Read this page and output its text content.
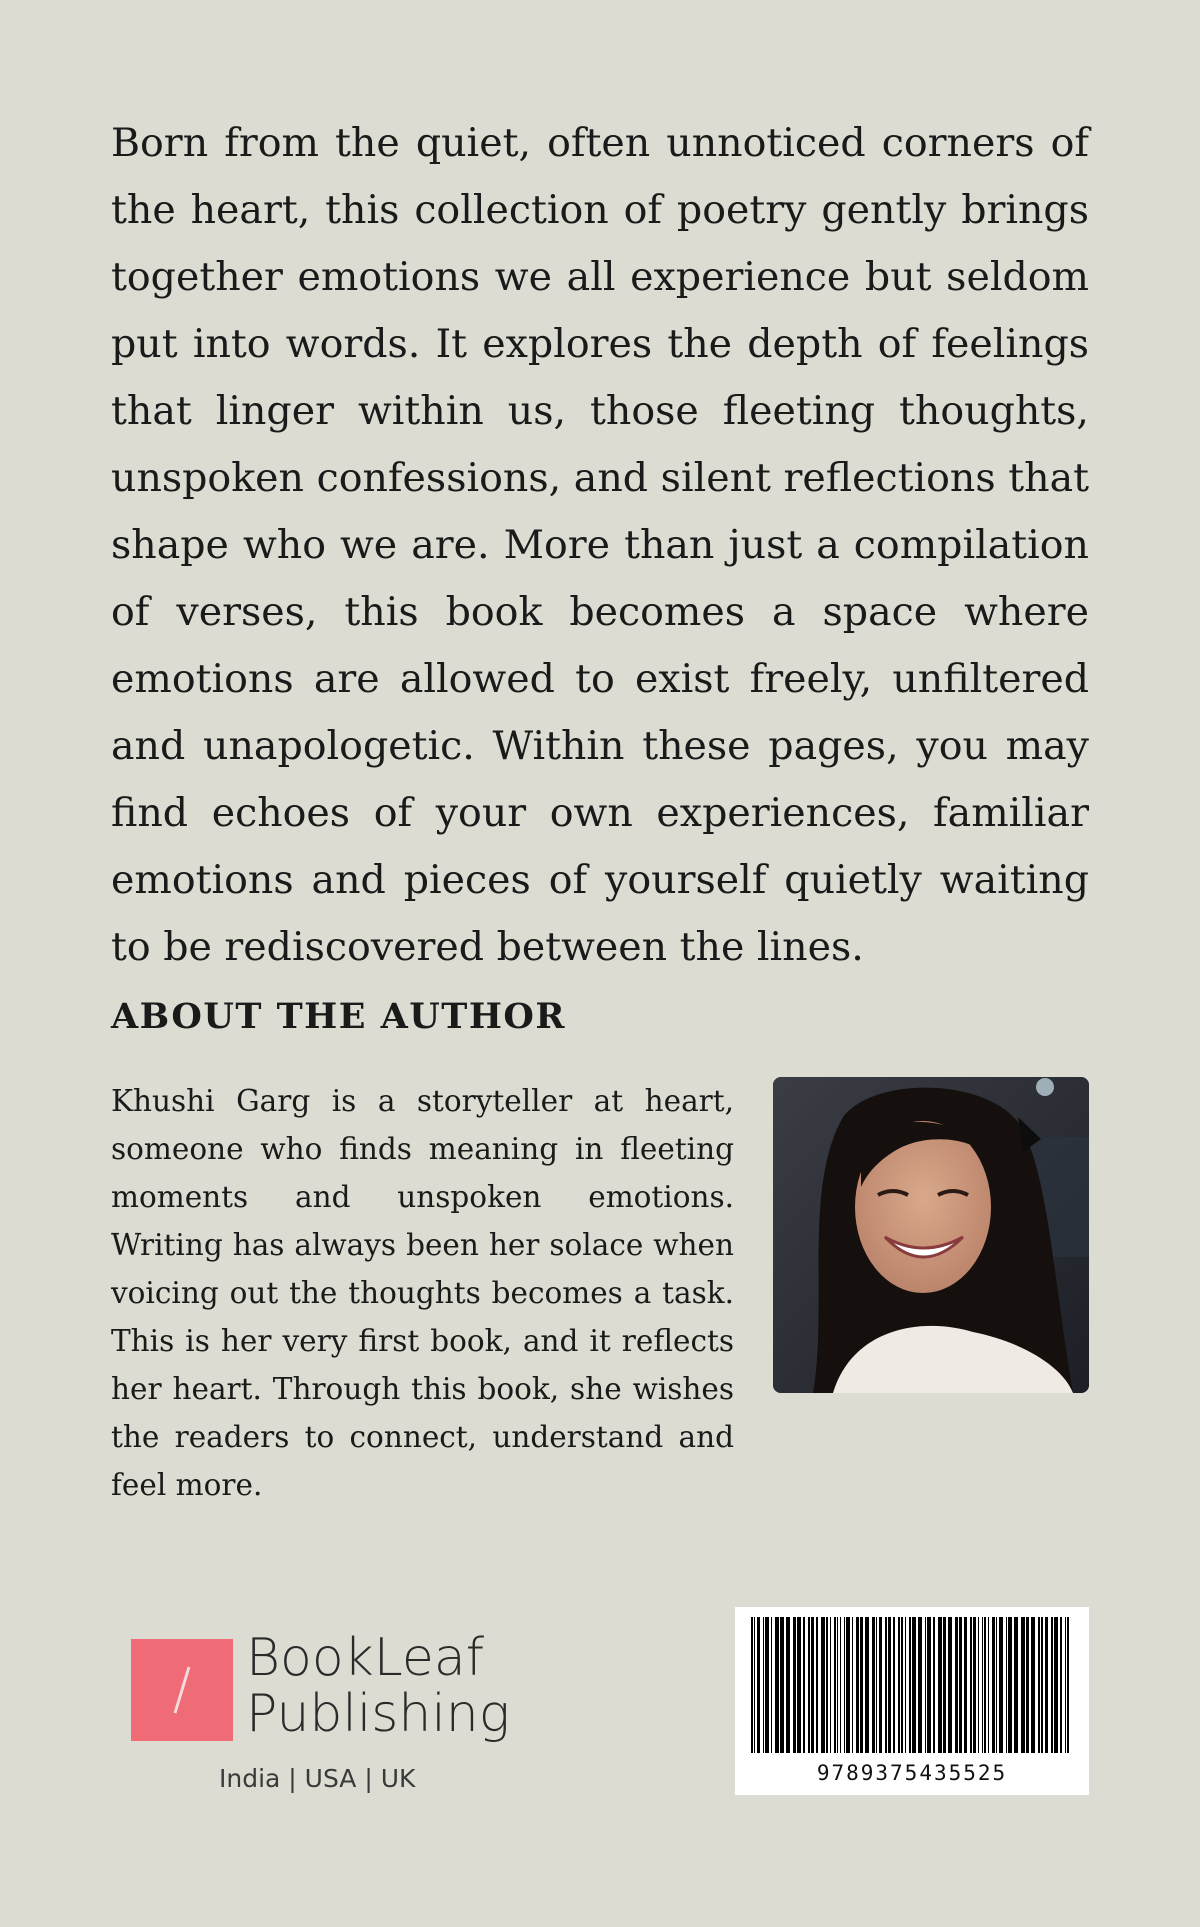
Born from the quiet, often unnoticed corners of the heart, this collection of poetry gently brings together emotions we all experience but seldom put into words. It explores the depth of feelings that linger within us, those fleeting thoughts, unspoken confessions, and silent reflections that shape who we are. More than just a compilation of verses, this book becomes a space where emotions are allowed to exist freely, unfiltered and unapologetic. Within these pages, you may find echoes of your own experiences, familiar emotions and pieces of yourself quietly waiting to be rediscovered between the lines.

ABOUT THE AUTHOR

Khushi Garg is a storyteller at heart, someone who finds meaning in fleeting moments and unspoken emotions. Writing has always been her solace when voicing out the thoughts becomes a task. This is her very first book, and it reflects her heart. Through this book, she wishes the readers to connect, understand and feel more.

BookLeaf
Publishing
India | USA | UK	9789375435525
